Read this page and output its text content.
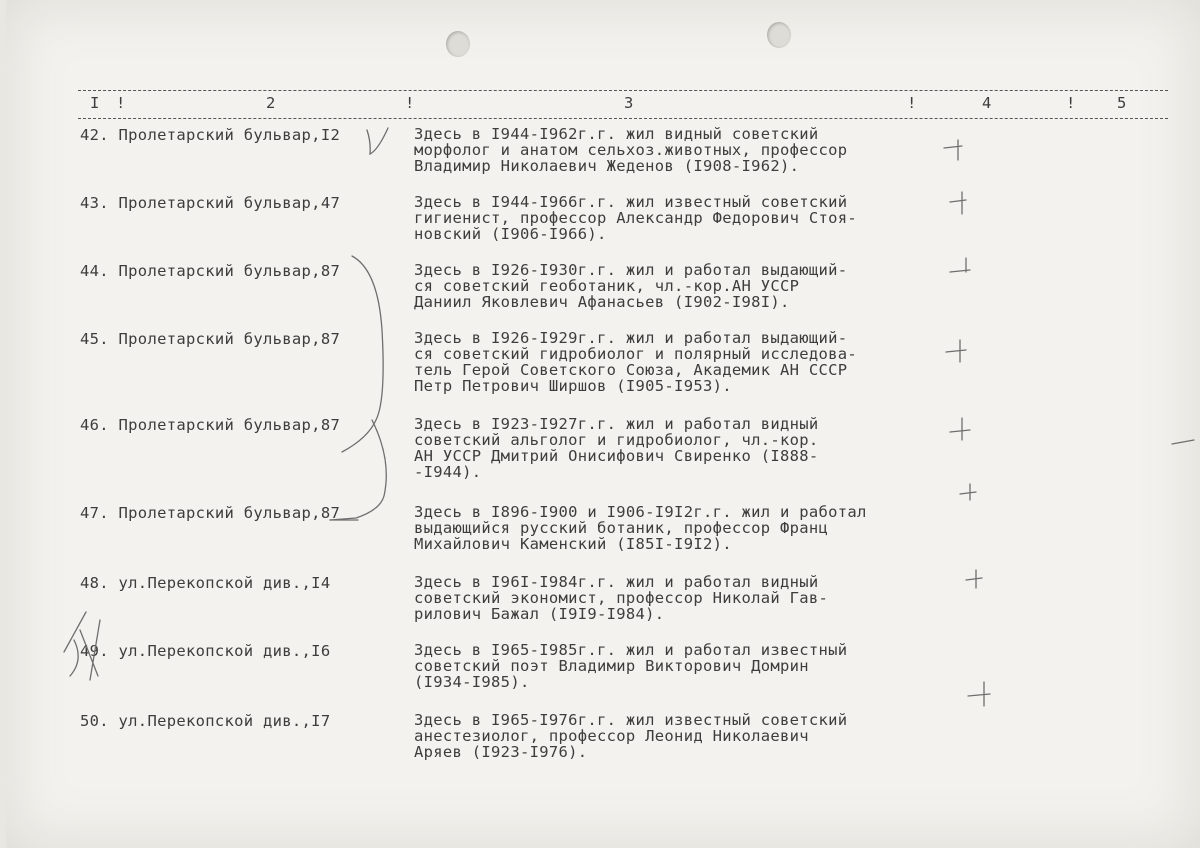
I !	2	!	3	!	4	!	5
42. Пролетарский бульвар,I2	Здесь в I944-I962г.г. жил видный советский
морфолог и анатом сельхоз.животных, профессор
Владимир Николаевич Жеденов (I908-I962).
43. Пролетарский бульвар,47	Здесь в I944-I966г.г. жил известный советский
гигиенист, профессор Александр Федорович Стоя-
новский (I906-I966).
44. Пролетарский бульвар,87	Здесь в I926-I930г.г. жил и работал выдающий-
ся советский геоботаник, чл.-кор.АН УССР
Даниил Яковлевич Афанасьев (I902-I98I).
45. Пролетарский бульвар,87	Здесь в I926-I929г.г. жил и работал выдающий-
ся советский гидробиолог и полярный исследова-
тель Герой Советского Союза, Академик АН СССР
Петр Петрович Ширшов (I905-I953).
46. Пролетарский бульвар,87	Здесь в I923-I927г.г. жил и работал видный
советский альголог и гидробиолог, чл.-кор.
АН УССР Дмитрий Онисифович Свиренко (I888-
-I944).
47. Пролетарский бульвар,87	Здесь в I896-I900 и I906-I9I2г.г. жил и работал
выдающийся русский ботаник, профессор Франц
Михайлович Каменский (I85I-I9I2).
48. ул.Перекопской див.,I4	Здесь в I96I-I984г.г. жил и работал видный
советский экономист, профессор Николай Гав-
рилович Бажал (I9I9-I984).
49. ул.Перекопской див.,I6	Здесь в I965-I985г.г. жил и работал известный
советский поэт Владимир Викторович Домрин
(I934-I985).
50. ул.Перекопской див.,I7	Здесь в I965-I976г.г. жил известный советский
анестезиолог, профессор Леонид Николаевич
Аряев (I923-I976).
